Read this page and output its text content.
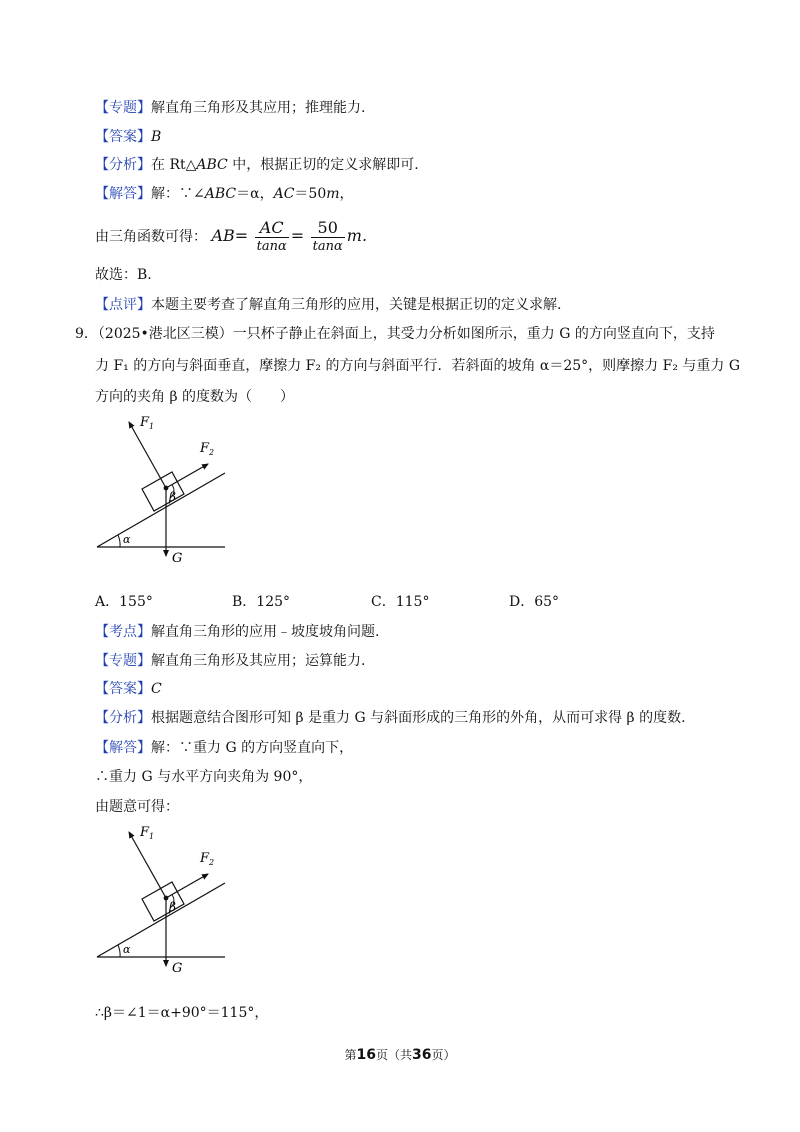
【专题】解直角三角形及其应用；推理能力.
【答案】B
【分析】在 Rt△ABC 中，根据正切的定义求解即可.
【解答】解：∵∠ABC＝α，AC＝50m，
由三角函数可得： $AB= \frac{AC}{\tan\alpha} = \frac{50}{\tan\alpha} m$.
故选：B.
【点评】本题主要考查了解直角三角形的应用，关键是根据正切的定义求解.
9．（2025•港北区三模）一只杯子静止在斜面上，其受力分析如图所示，重力 G 的方向竖直向下，支持
力 F₁ 的方向与斜面垂直，摩擦力 F₂ 的方向与斜面平行．若斜面的坡角 α＝25°，则摩擦力 F₂ 与重力 G
方向的夹角 β 的度数为（　　）
$F_1$
$F_2$
β
α
G
A．155°	B．125°	C．115°	D．65°
【考点】解直角三角形的应用﹣坡度坡角问题.
【专题】解直角三角形及其应用；运算能力.
【答案】C
【分析】根据题意结合图形可知 β 是重力 G 与斜面形成的三角形的外角，从而可求得 β 的度数.
【解答】解：∵重力 G 的方向竖直向下，
∴重力 G 与水平方向夹角为 90°，
由题意可得：
$F_1$
$F_2$
β
α
G
∴β＝∠1＝α+90°＝115°，
第16页（共36页）
